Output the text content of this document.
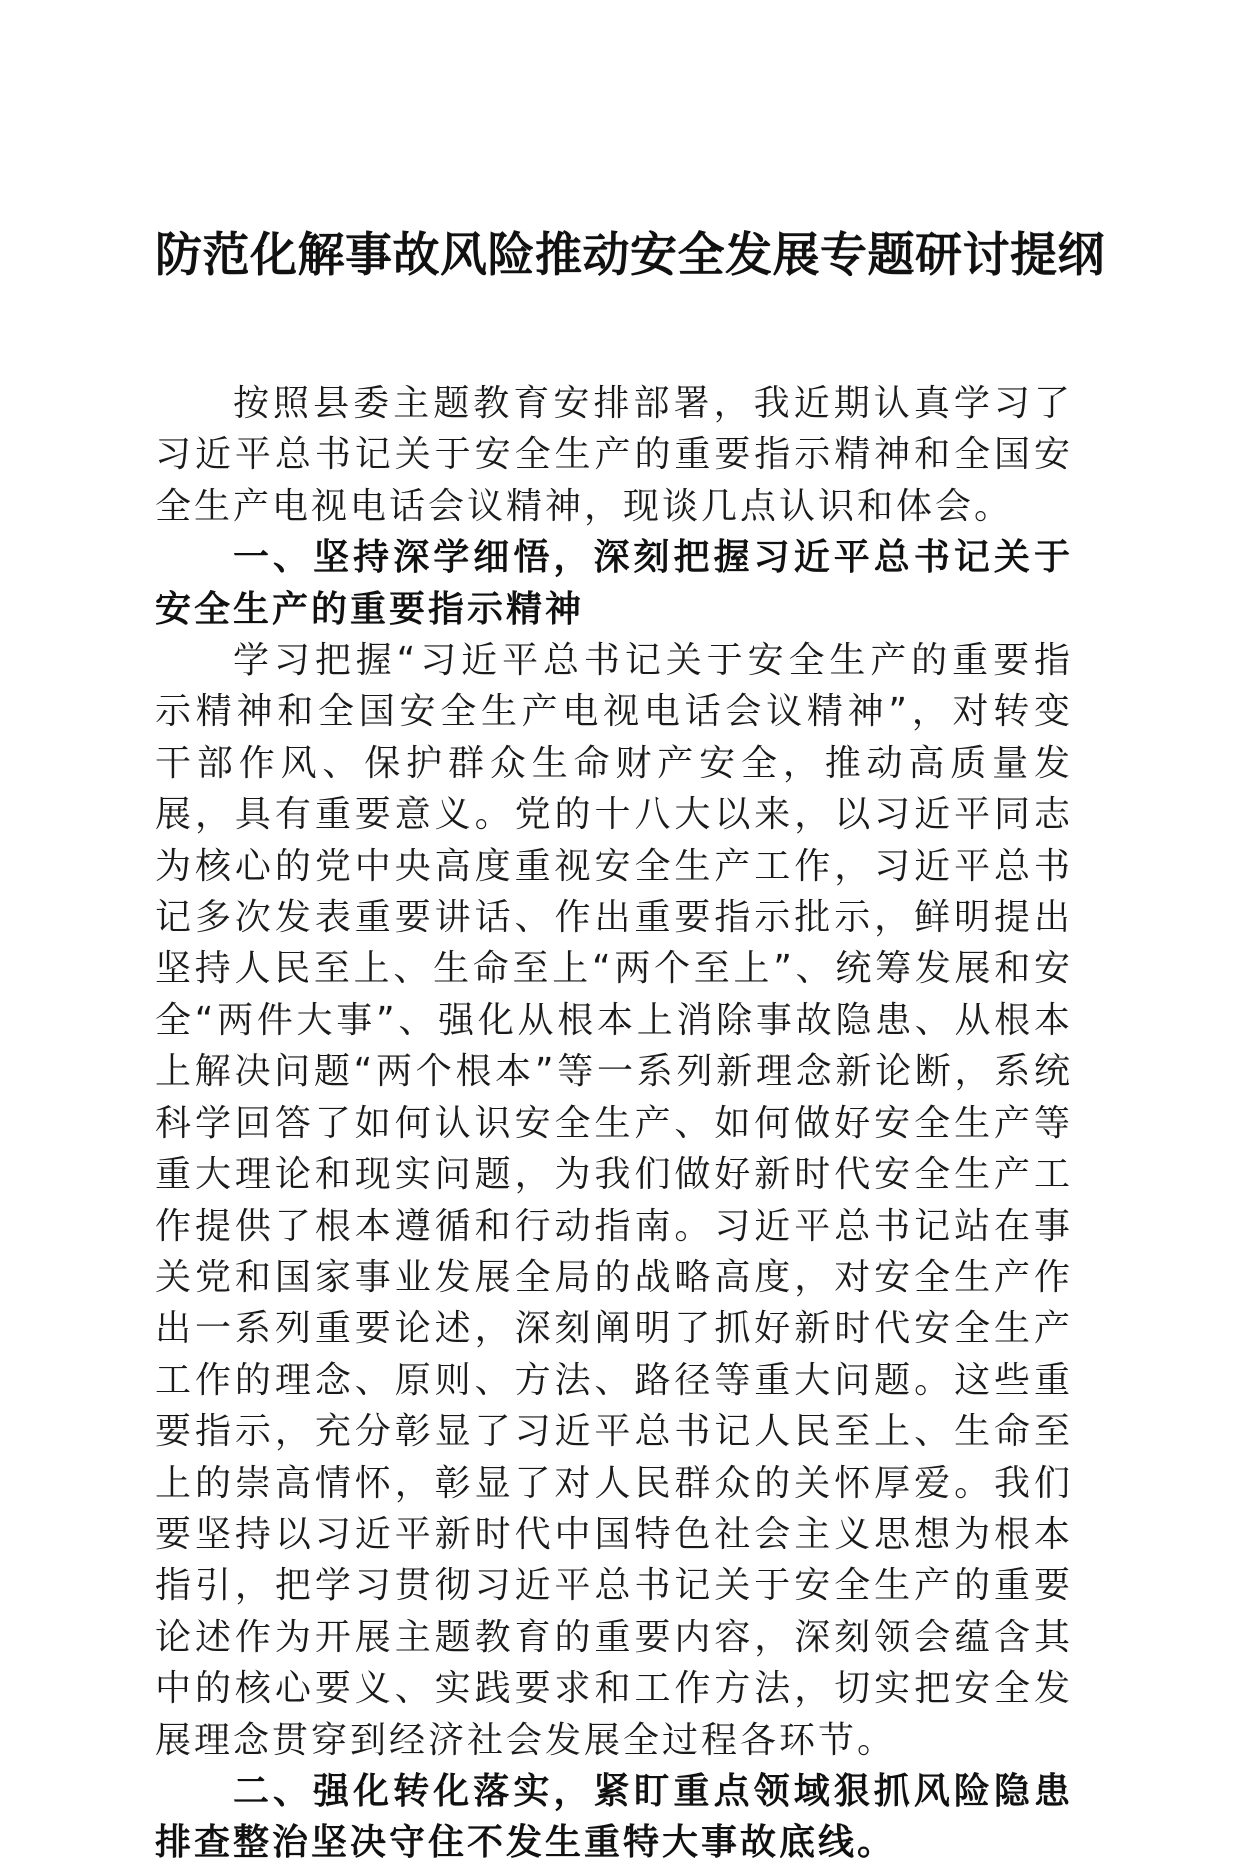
防范化解事故风险推动安全发展专题研讨提纲

按照县委主题教育安排部署，我近期认真学习了习近平总书记关于安全生产的重要指示精神和全国安全生产电视电话会议精神，现谈几点认识和体会。

一、坚持深学细悟，深刻把握习近平总书记关于安全生产的重要指示精神

学习把握“习近平总书记关于安全生产的重要指示精神和全国安全生产电视电话会议精神”，对转变干部作风、保护群众生命财产安全，推动高质量发展，具有重要意义。党的十八大以来，以习近平同志为核心的党中央高度重视安全生产工作，习近平总书记多次发表重要讲话、作出重要指示批示，鲜明提出坚持人民至上、生命至上“两个至上”、统筹发展和安全“两件大事”、强化从根本上消除事故隐患、从根本上解决问题“两个根本”等一系列新理念新论断，系统科学回答了如何认识安全生产、如何做好安全生产等重大理论和现实问题，为我们做好新时代安全生产工作提供了根本遵循和行动指南。习近平总书记站在事关党和国家事业发展全局的战略高度，对安全生产作出一系列重要论述，深刻阐明了抓好新时代安全生产工作的理念、原则、方法、路径等重大问题。这些重要指示，充分彰显了习近平总书记人民至上、生命至上的崇高情怀，彰显了对人民群众的关怀厚爱。我们要坚持以习近平新时代中国特色社会主义思想为根本指引，把学习贯彻习近平总书记关于安全生产的重要论述作为开展主题教育的重要内容，深刻领会蕴含其中的核心要义、实践要求和工作方法，切实把安全发展理念贯穿到经济社会发展全过程各环节。

二、强化转化落实，紧盯重点领域狠抓风险隐患排查整治坚决守住不发生重特大事故底线。
